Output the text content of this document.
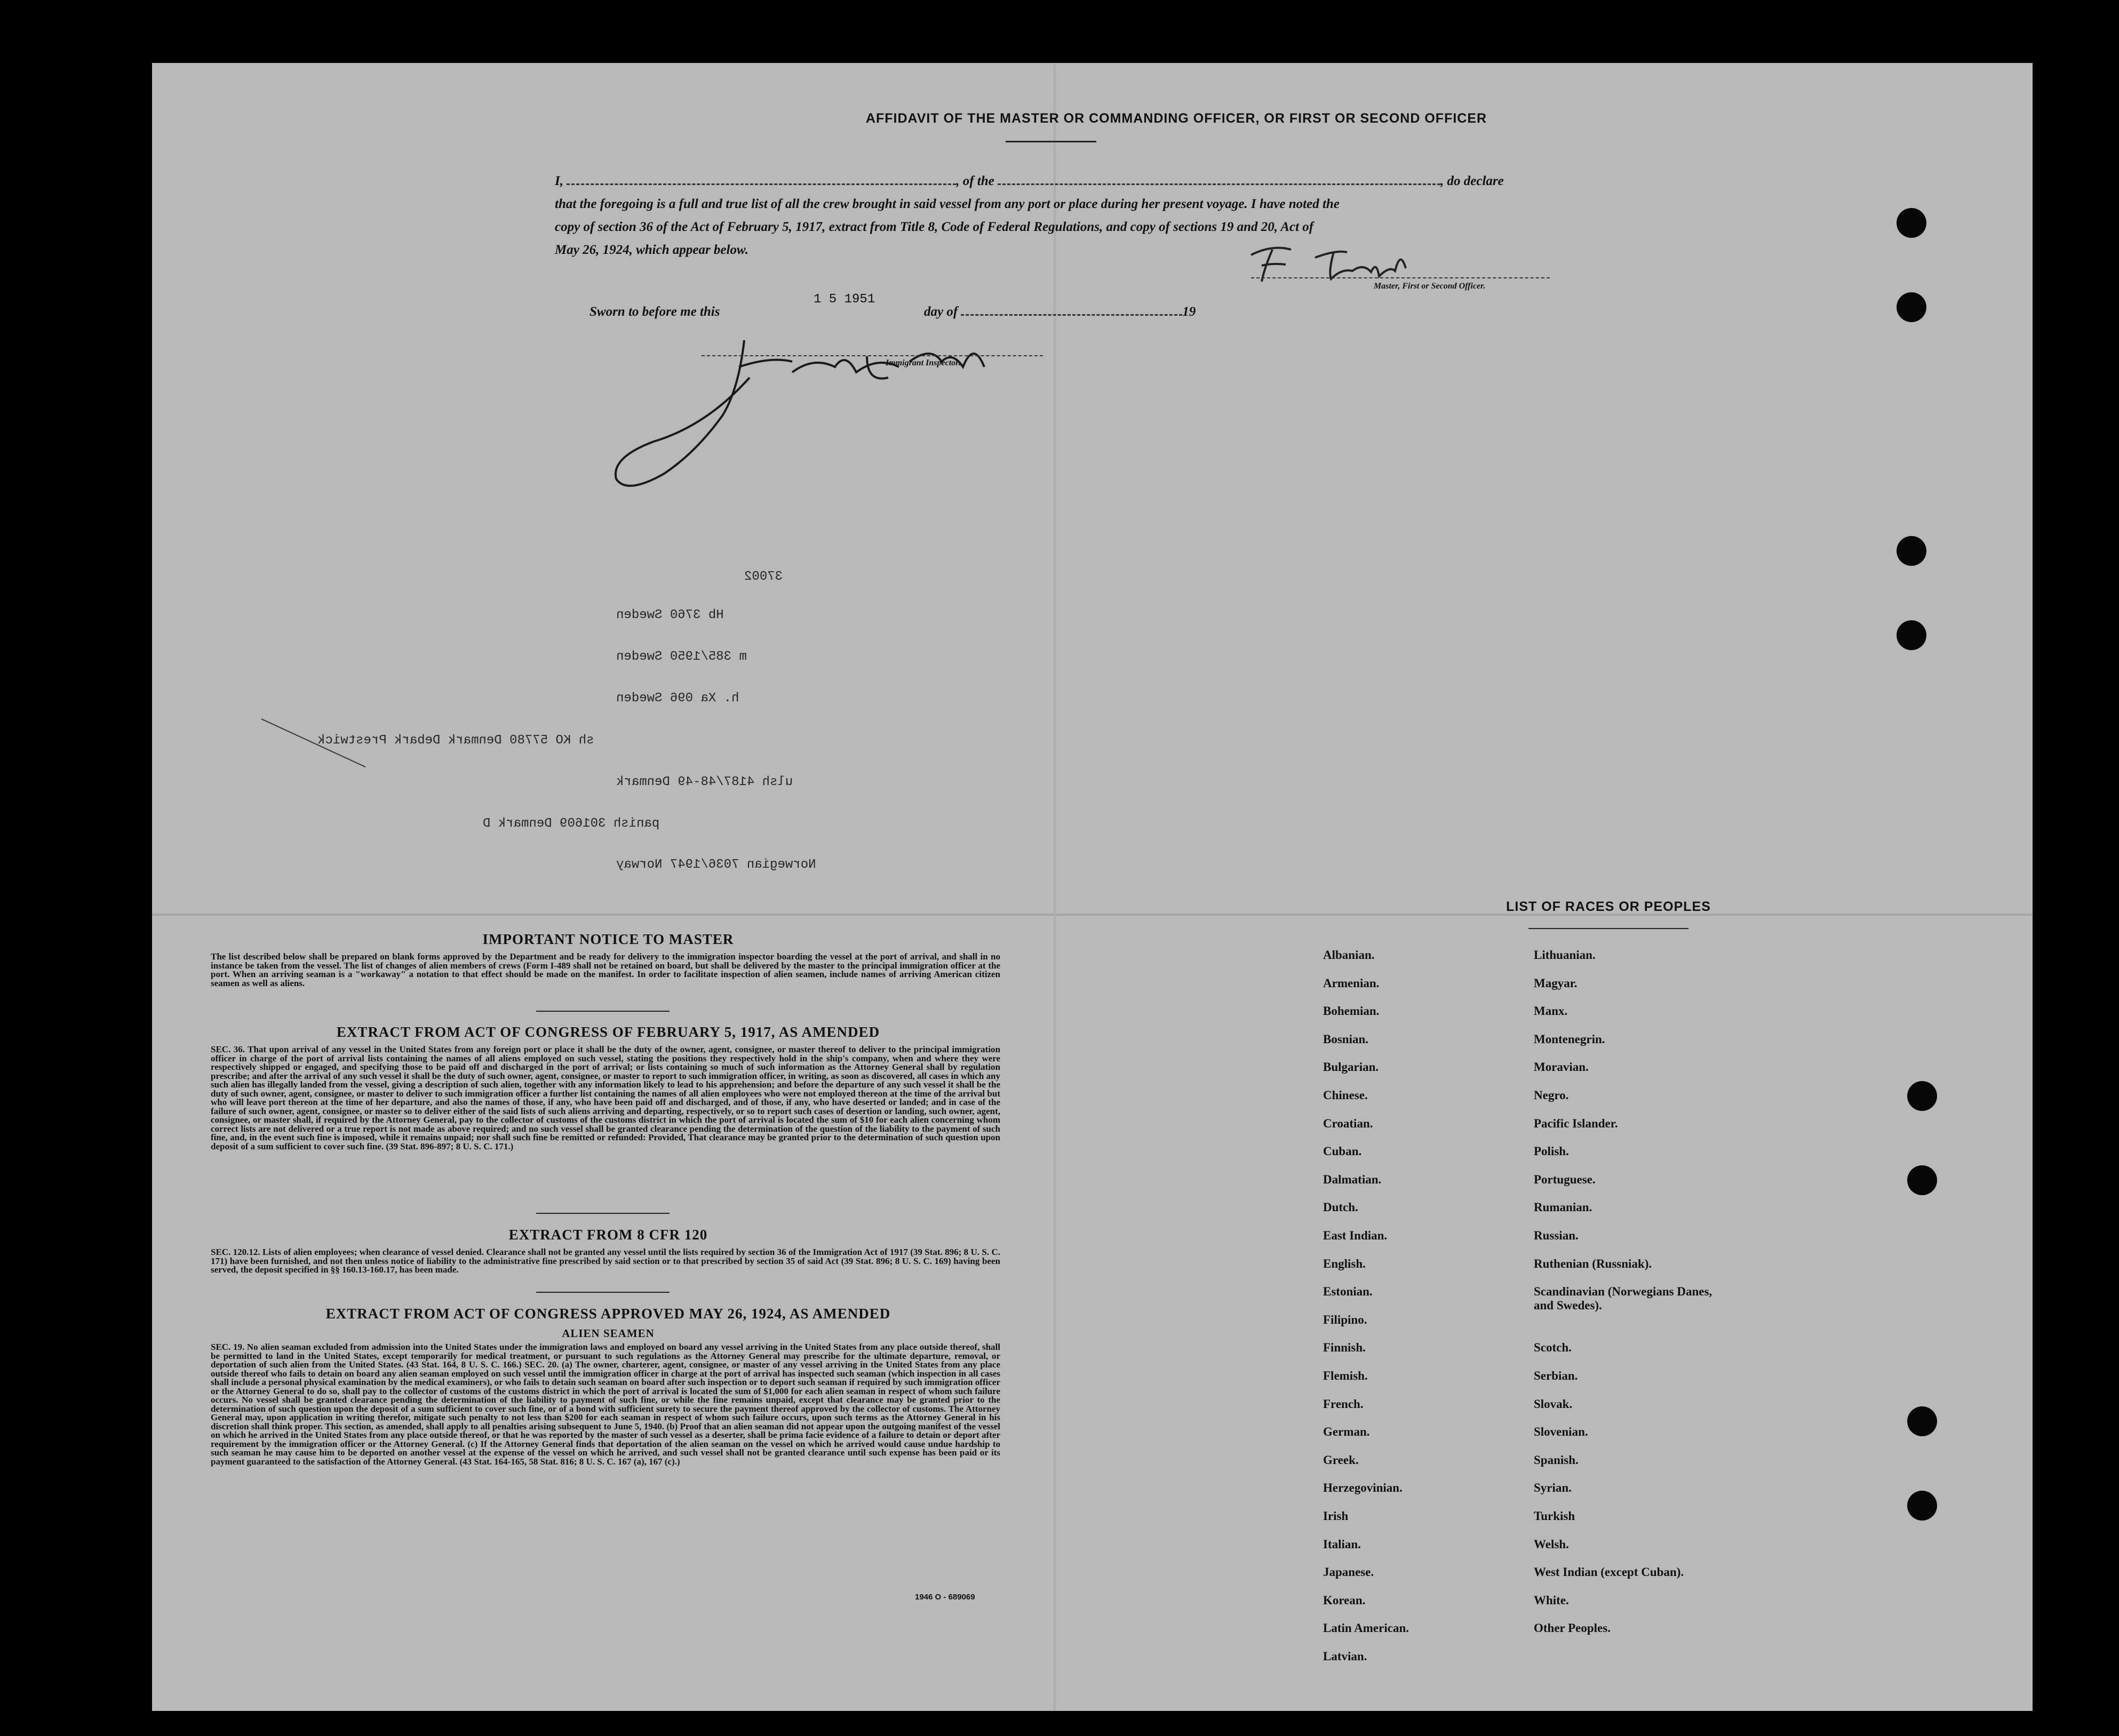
AFFIDAVIT OF THE MASTER OR COMMANDING OFFICER, OR FIRST OR SECOND OFFICER
I,	, of the	, do declare
that the foregoing is a full and true list of all the crew brought in said vessel from any port or place during her present voyage. I have noted the
copy of section 36 of the Act of February 5, 1917, extract from Title 8, Code of Federal Regulations, and copy of sections 19 and 20, Act of
May 26, 1924, which appear below.
Master, First or Second Officer.
Sworn to before me this	day of	19
1 5 1951
Immigrant Inspector.
37002
Hb 3760 Sweden
m 385/1950 Sweden
h. Xa 096 Sweden
sh KO 57780 Denmark Debark Prestwick
ulsh 4187/48-49 Denmark
panish 301609 Denmark D
Norwegian 7036/1947 Norway
IMPORTANT NOTICE TO MASTER
The list described below shall be prepared on blank forms approved by the Department and be ready for delivery to the immigration inspector boarding the vessel at the port of arrival, and shall in no instance be taken from the vessel. The list of changes of alien members of crews (Form I-489 shall not be retained on board, but shall be delivered by the master to the principal immigration officer at the port. When an arriving seaman is a "workaway" a notation to that effect should be made on the manifest. In order to facilitate inspection of alien seamen, include names of arriving American citizen seamen as well as aliens.
EXTRACT FROM ACT OF CONGRESS OF FEBRUARY 5, 1917, AS AMENDED
SEC. 36. That upon arrival of any vessel in the United States from any foreign port or place it shall be the duty of the owner, agent, consignee, or master thereof to deliver to the principal immigration officer in charge of the port of arrival lists containing the names of all aliens employed on such vessel, stating the positions they respectively hold in the ship's company, when and where they were respectively shipped or engaged, and specifying those to be paid off and discharged in the port of arrival; or lists containing so much of such information as the Attorney General shall by regulation prescribe; and after the arrival of any such vessel it shall be the duty of such owner, agent, consignee, or master to report to such immigration officer, in writing, as soon as discovered, all cases in which any such alien has illegally landed from the vessel, giving a description of such alien, together with any information likely to lead to his apprehension; and before the departure of any such vessel it shall be the duty of such owner, agent, consignee, or master to deliver to such immigration officer a further list containing the names of all alien employees who were not employed thereon at the time of the arrival but who will leave port thereon at the time of her departure, and also the names of those, if any, who have been paid off and discharged, and of those, if any, who have deserted or landed; and in case of the failure of such owner, agent, consignee, or master so to deliver either of the said lists of such aliens arriving and departing, respectively, or so to report such cases of desertion or landing, such owner, agent, consignee, or master shall, if required by the Attorney General, pay to the collector of customs of the customs district in which the port of arrival is located the sum of $10 for each alien concerning whom correct lists are not delivered or a true report is not made as above required; and no such vessel shall be granted clearance pending the determination of the question of the liability to the payment of such fine, and, in the event such fine is imposed, while it remains unpaid; nor shall such fine be remitted or refunded: Provided, That clearance may be granted prior to the determination of such question upon deposit of a sum sufficient to cover such fine. (39 Stat. 896-897; 8 U. S. C. 171.)
EXTRACT FROM 8 CFR 120
SEC. 120.12. Lists of alien employees; when clearance of vessel denied. Clearance shall not be granted any vessel until the lists required by section 36 of the Immigration Act of 1917 (39 Stat. 896; 8 U. S. C. 171) have been furnished, and not then unless notice of liability to the administrative fine prescribed by said section or to that prescribed by section 35 of said Act (39 Stat. 896; 8 U. S. C. 169) having been served, the deposit specified in §§ 160.13-160.17, has been made.
EXTRACT FROM ACT OF CONGRESS APPROVED MAY 26, 1924, AS AMENDED
ALIEN SEAMEN
SEC. 19. No alien seaman excluded from admission into the United States under the immigration laws and employed on board any vessel arriving in the United States from any place outside thereof, shall be permitted to land in the United States, except temporarily for medical treatment, or pursuant to such regulations as the Attorney General may prescribe for the ultimate departure, removal, or deportation of such alien from the United States. (43 Stat. 164, 8 U. S. C. 166.) SEC. 20. (a) The owner, charterer, agent, consignee, or master of any vessel arriving in the United States from any place outside thereof who fails to detain on board any alien seaman employed on such vessel until the immigration officer in charge at the port of arrival has inspected such seaman (which inspection in all cases shall include a personal physical examination by the medical examiners), or who fails to detain such seaman on board after such inspection or to deport such seaman if required by such immigration officer or the Attorney General to do so, shall pay to the collector of customs of the customs district in which the port of arrival is located the sum of $1,000 for each alien seaman in respect of whom such failure occurs. No vessel shall be granted clearance pending the determination of the liability to payment of such fine, or while the fine remains unpaid, except that clearance may be granted prior to the determination of such question upon the deposit of a sum sufficient to cover such fine, or of a bond with sufficient surety to secure the payment thereof approved by the collector of customs. The Attorney General may, upon application in writing therefor, mitigate such penalty to not less than $200 for each seaman in respect of whom such failure occurs, upon such terms as the Attorney General in his discretion shall think proper. This section, as amended, shall apply to all penalties arising subsequent to June 5, 1940. (b) Proof that an alien seaman did not appear upon the outgoing manifest of the vessel on which he arrived in the United States from any place outside thereof, or that he was reported by the master of such vessel as a deserter, shall be prima facie evidence of a failure to detain or deport after requirement by the immigration officer or the Attorney General. (c) If the Attorney General finds that deportation of the alien seaman on the vessel on which he arrived would cause undue hardship to such seaman he may cause him to be deported on another vessel at the expense of the vessel on which he arrived, and such vessel shall not be granted clearance until such expense has been paid or its payment guaranteed to the satisfaction of the Attorney General. (43 Stat. 164-165, 58 Stat. 816; 8 U. S. C. 167 (a), 167 (c).)
1946 O - 689069
LIST OF RACES OR PEOPLES
Albanian.
Armenian.
Bohemian.
Bosnian.
Bulgarian.
Chinese.
Croatian.
Cuban.
Dalmatian.
Dutch.
East Indian.
English.
Estonian.
Filipino.
Finnish.
Flemish.
French.
German.
Greek.
Herzegovinian.
Irish
Italian.
Japanese.
Korean.
Latin American.
Latvian.
Lithuanian.
Magyar.
Manx.
Montenegrin.
Moravian.
Negro.
Pacific Islander.
Polish.
Portuguese.
Rumanian.
Russian.
Ruthenian (Russniak).
Scandinavian (Norwegians Danes, and Swedes).
Scotch.
Serbian.
Slovak.
Slovenian.
Spanish.
Syrian.
Turkish
Welsh.
West Indian (except Cuban).
White.
Other Peoples.
